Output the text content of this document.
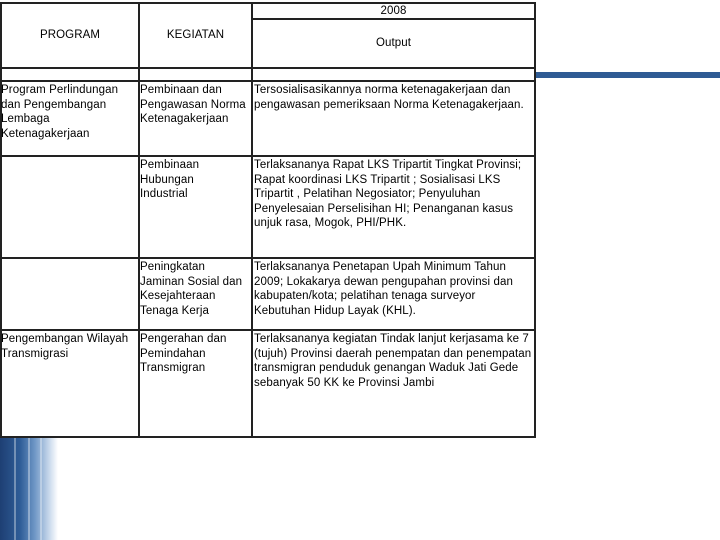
PROGRAM	KEGIATAN
2008
Output
Program Perlindungan dan Pengembangan Lembaga Ketenagakerjaan
Pembinaan dan Pengawasan Norma Ketenagakerjaan
Tersosialisasikannya norma ketenagakerjaan dan pengawasan pemeriksaan Norma Ketenagakerjaan.
Pembinaan Hubungan Industrial
Terlaksananya Rapat LKS Tripartit Tingkat Provinsi; Rapat koordinasi LKS Tripartit ; Sosialisasi LKS Tripartit , Pelatihan Negosiator; Penyuluhan Penyelesaian Perselisihan HI; Penanganan kasus unjuk rasa, Mogok, PHI/PHK.
Peningkatan Jaminan Sosial dan Kesejahteraan Tenaga Kerja
Terlaksananya Penetapan Upah Minimum Tahun 2009; Lokakarya dewan pengupahan provinsi dan kabupaten/kota; pelatihan tenaga surveyor Kebutuhan Hidup Layak (KHL).
Pengembangan Wilayah Transmigrasi
Pengerahan dan Pemindahan Transmigran
Terlaksananya kegiatan Tindak lanjut kerjasama ke 7 (tujuh) Provinsi daerah penempatan dan penempatan transmigran penduduk genangan Waduk Jati Gede sebanyak 50 KK ke Provinsi Jambi
